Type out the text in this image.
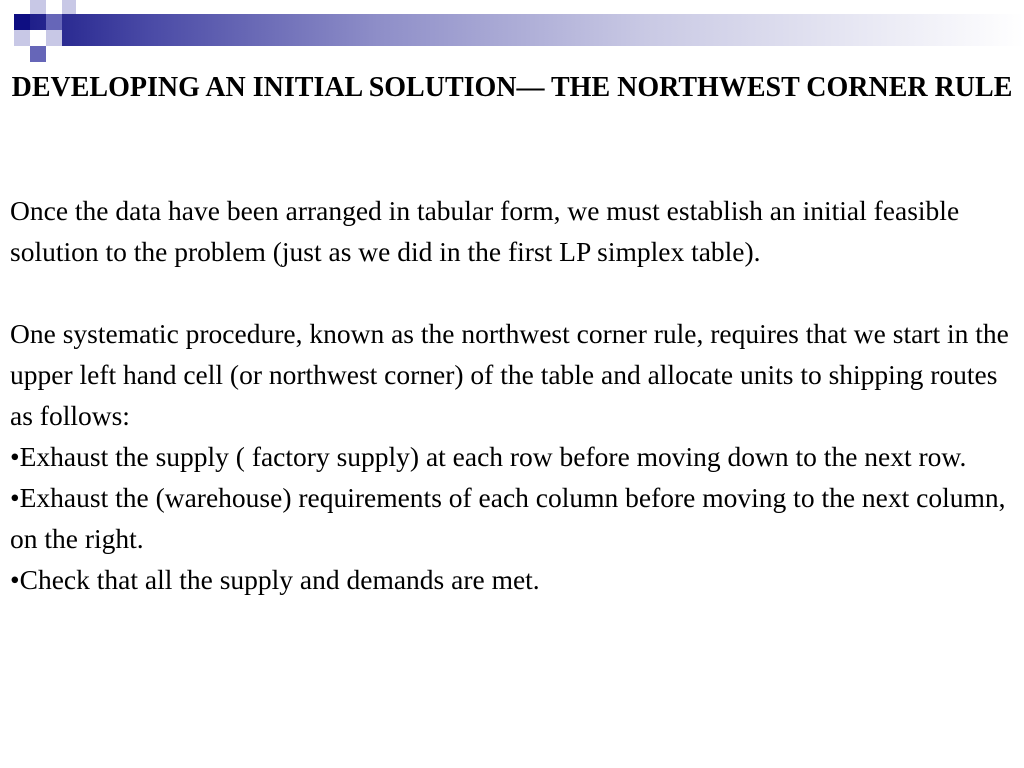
DEVELOPING AN INITIAL SOLUTION— THE NORTHWEST CORNER RULE

Once the data have been arranged in tabular form, we must establish an initial feasible solution to the problem (just as we did in the first LP simplex table).

One systematic procedure, known as the northwest corner rule, requires that we start in the upper left hand cell (or northwest corner) of the table and allocate units to shipping routes as follows:

•Exhaust the supply ( factory supply) at each row before moving down to the next row.

•Exhaust the (warehouse) requirements of each column before moving to the next column, on the right.

•Check that all the supply and demands are met.
